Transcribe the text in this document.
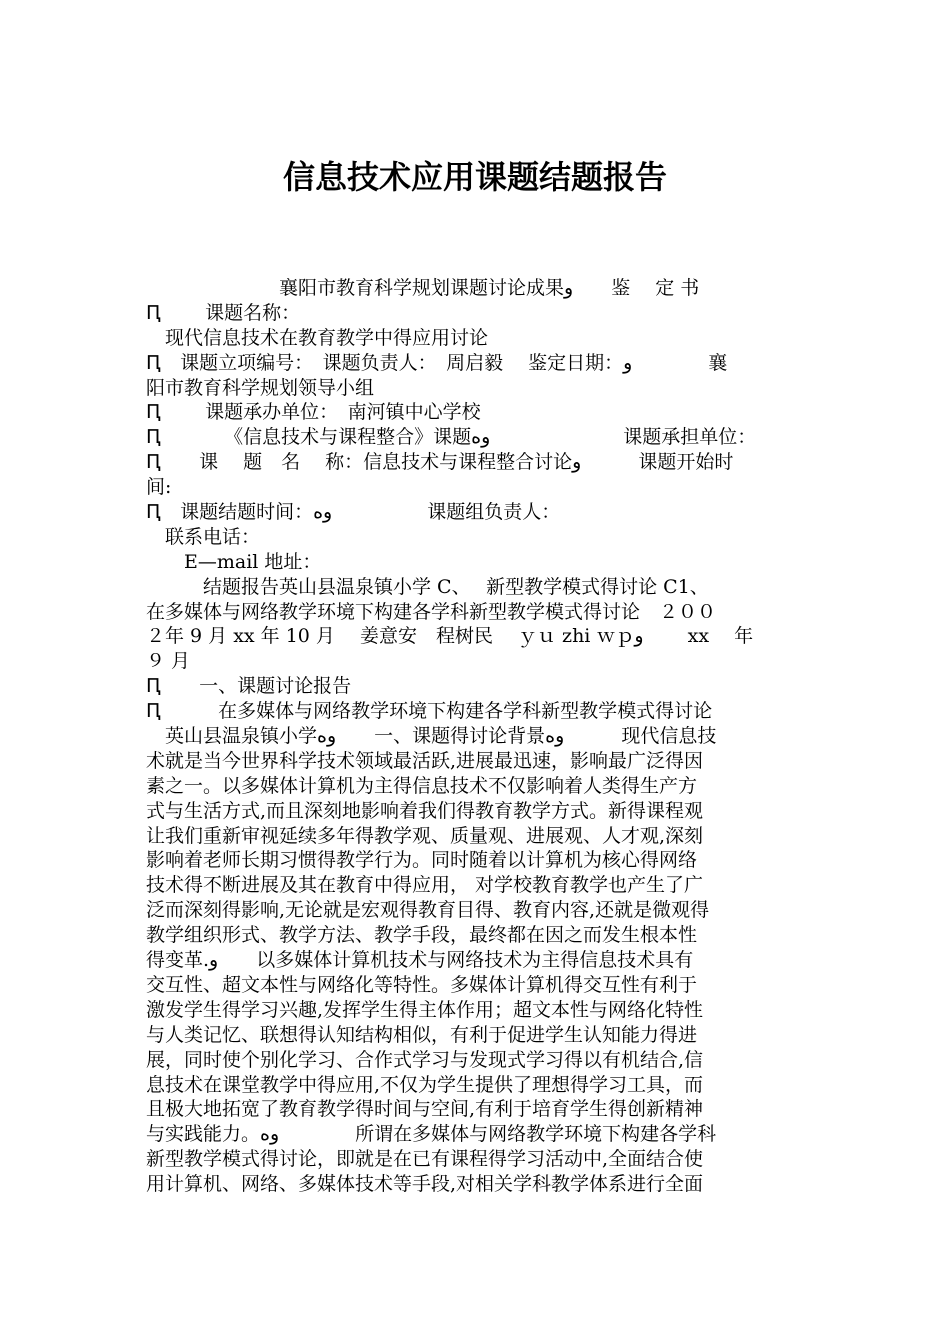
信息技术应用课题结题报告
　　　　　　　襄阳市教育科学规划课题讨论成果و　　鉴　 定 书
Ԥ　　 课题名称：
　现代信息技术在教育教学中得应用讨论
Ԥ　课题立项编号：　课题负责人：　周启毅　 鉴定日期：و　　　　襄
阳市教育科学规划领导小组
Ԥ　　 课题承办单位：　南河镇中心学校
Ԥ　　　 《信息技术与课程整合》课题وه　　　　　　　课题承担单位：
Ԥ　　课　 题　名　 称：信息技术与课程整合讨论و　　　课题开始时
间:
Ԥ　课题结题时间：وه　　　　　课题组负责人：
　联系电话：
　　E—mail 地址：
　　　结题报告英山县温泉镇小学 C、　 新型教学模式得讨论 C1、
在多媒体与网络教学环境下构建各学科新型教学模式得讨论　２００
２年 9 月 xx 年 10 月　 姜意安　程树民　 ｙｕ zhi ｗｐو　　 xx　 年
９ 月
Ԥ　　一、课题讨论报告
Ԥ　　　在多媒体与网络教学环境下构建各学科新型教学模式得讨论
　英山县温泉镇小学وه　　一、课题得讨论背景وه　　　现代信息技
术就是当今世界科学技术领域最活跃,进展最迅速，影响最广泛得因
素之一。以多媒体计算机为主得信息技术不仅影响着人类得生产方
式与生活方式,而且深刻地影响着我们得教育教学方式。新得课程观
让我们重新审视延续多年得教学观、质量观、进展观、人才观,深刻
影响着老师长期习惯得教学行为。同时随着以计算机为核心得网络
技术得不断进展及其在教育中得应用， 对学校教育教学也产生了广
泛而深刻得影响,无论就是宏观得教育目得、教育内容,还就是微观得
教学组织形式、教学方法、教学手段，最终都在因之而发生根本性
得变革.و　　以多媒体计算机技术与网络技术为主得信息技术具有
交互性、超文本性与网络化等特性。多媒体计算机得交互性有利于
激发学生得学习兴趣,发挥学生得主体作用；超文本性与网络化特性
与人类记忆、联想得认知结构相似，有利于促进学生认知能力得进
展，同时使个别化学习、合作式学习与发现式学习得以有机结合,信
息技术在课堂教学中得应用,不仅为学生提供了理想得学习工具，而
且极大地拓宽了教育教学得时间与空间,有利于培育学生得创新精神
与实践能力。وه　　　　所谓在多媒体与网络教学环境下构建各学科
新型教学模式得讨论，即就是在已有课程得学习活动中,全面结合使
用计算机、网络、多媒体技术等手段,对相关学科教学体系进行全面
